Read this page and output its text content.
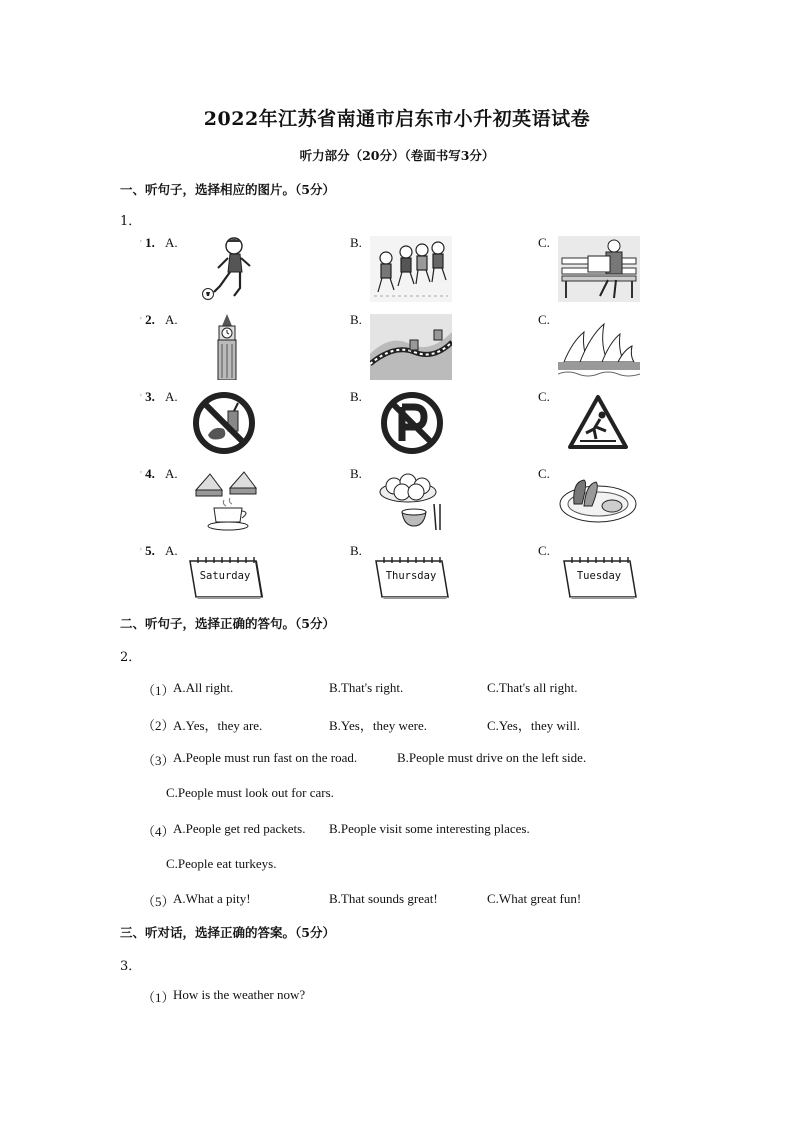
2022年江苏省南通市启东市小升初英语试卷
听力部分（20分）（卷面书写3分）
一、听句子，选择相应的图片。（5分）
1．
' 1. A.	B.	C.
' 2. A.	B.	C.
' 3. A.	B.	C.
' 4. A.	B.	C.
' 5. A.	B.	C.
Saturday	Thursday	Tuesday
二、听句子，选择正确的答句。（5分）
2．
（1）
A.All right.	B.That's right.	C.That's all right.
（2）
A.Yes，they are.	B.Yes，they were.	C.Yes，they will.
（3）
A.People must run fast on the road.	B.People must drive on the left side.
C.People must look out for cars.
（4）
A.People get red packets. B.People visit some interesting places.
C.People eat turkeys.
（5）
A.What a pity!	B.That sounds great!	C.What great fun!
三、听对话，选择正确的答案。（5分）
3．
（1）
How is the weather now?
